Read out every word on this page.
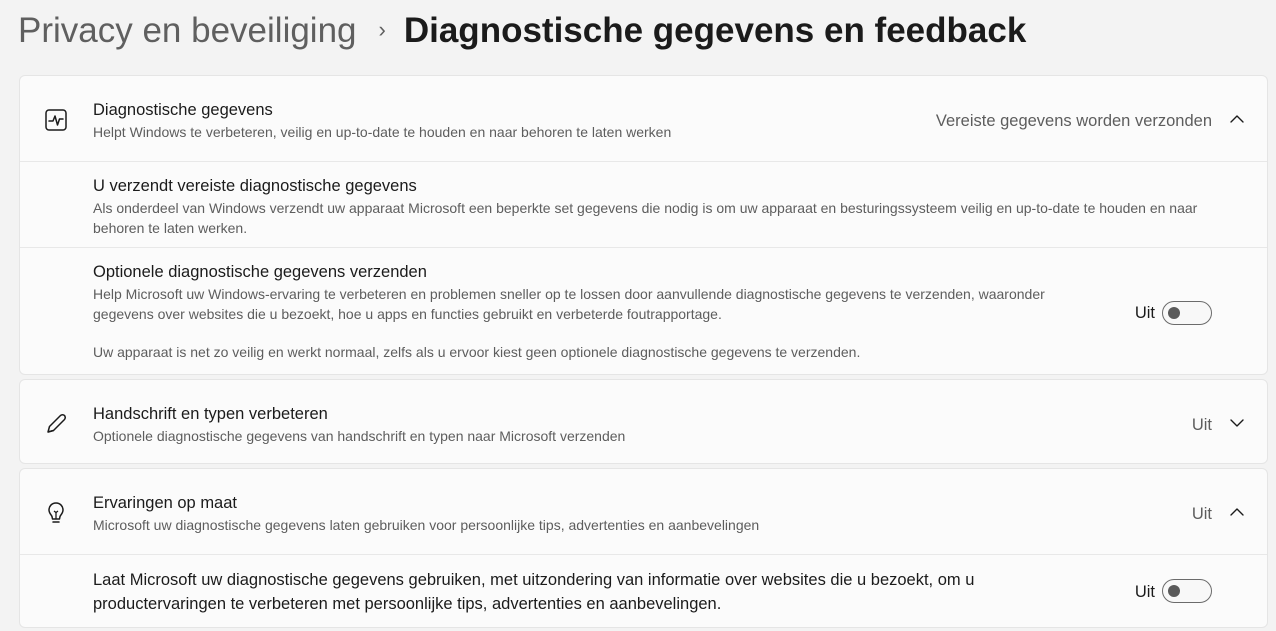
Privacy en beveiliging › Diagnostische gegevens en feedback
Diagnostische gegevens
Helpt Windows te verbeteren, veilig en up-to-date te houden en naar behoren te laten werken
Vereiste gegevens worden verzonden
U verzendt vereiste diagnostische gegevens
Als onderdeel van Windows verzendt uw apparaat Microsoft een beperkte set gegevens die nodig is om uw apparaat en besturingssysteem veilig en up-to-date te houden en naar behoren te laten werken.
Optionele diagnostische gegevens verzenden
Help Microsoft uw Windows-ervaring te verbeteren en problemen sneller op te lossen door aanvullende diagnostische gegevens te verzenden, waaronder gegevens over websites die u bezoekt, hoe u apps en functies gebruikt en verbeterde foutrapportage.
Uw apparaat is net zo veilig en werkt normaal, zelfs als u ervoor kiest geen optionele diagnostische gegevens te verzenden.
Uit
Handschrift en typen verbeteren
Optionele diagnostische gegevens van handschrift en typen naar Microsoft verzenden
Uit
Ervaringen op maat
Microsoft uw diagnostische gegevens laten gebruiken voor persoonlijke tips, advertenties en aanbevelingen
Uit
Laat Microsoft uw diagnostische gegevens gebruiken, met uitzondering van informatie over websites die u bezoekt, om u productervaringen te verbeteren met persoonlijke tips, advertenties en aanbevelingen.
Uit
